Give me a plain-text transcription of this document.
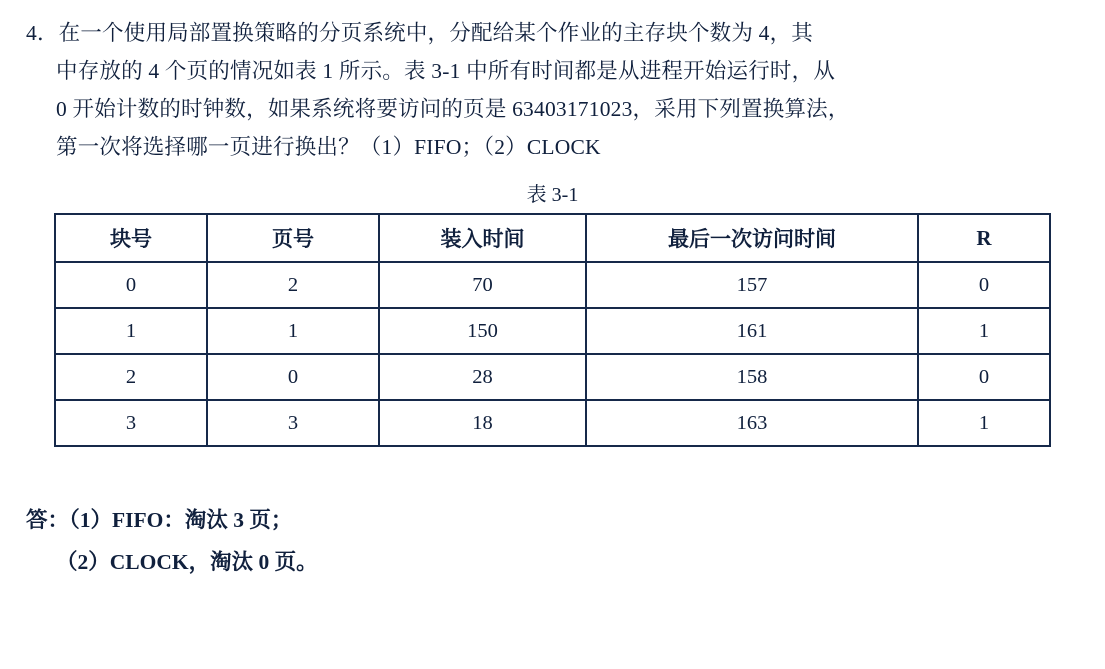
4．在一个使用局部置换策略的分页系统中，分配给某个作业的主存块个数为 4，其
中存放的 4 个页的情况如表 1 所示。表 3-1 中所有时间都是从进程开始运行时，从
0 开始计数的时钟数，如果系统将要访问的页是 63403171023，采用下列置换算法，
第一次将选择哪一页进行换出？（1）FIFO；（2）CLOCK
表 3-1
块号	页号	装入时间	最后一次访问时间	R
0	2	70	157	0
1	1	150	161	1
2	0	28	158	0
3	3	18	163	1
答：（1）FIFO：淘汰 3 页；
（2）CLOCK，淘汰 0 页。
